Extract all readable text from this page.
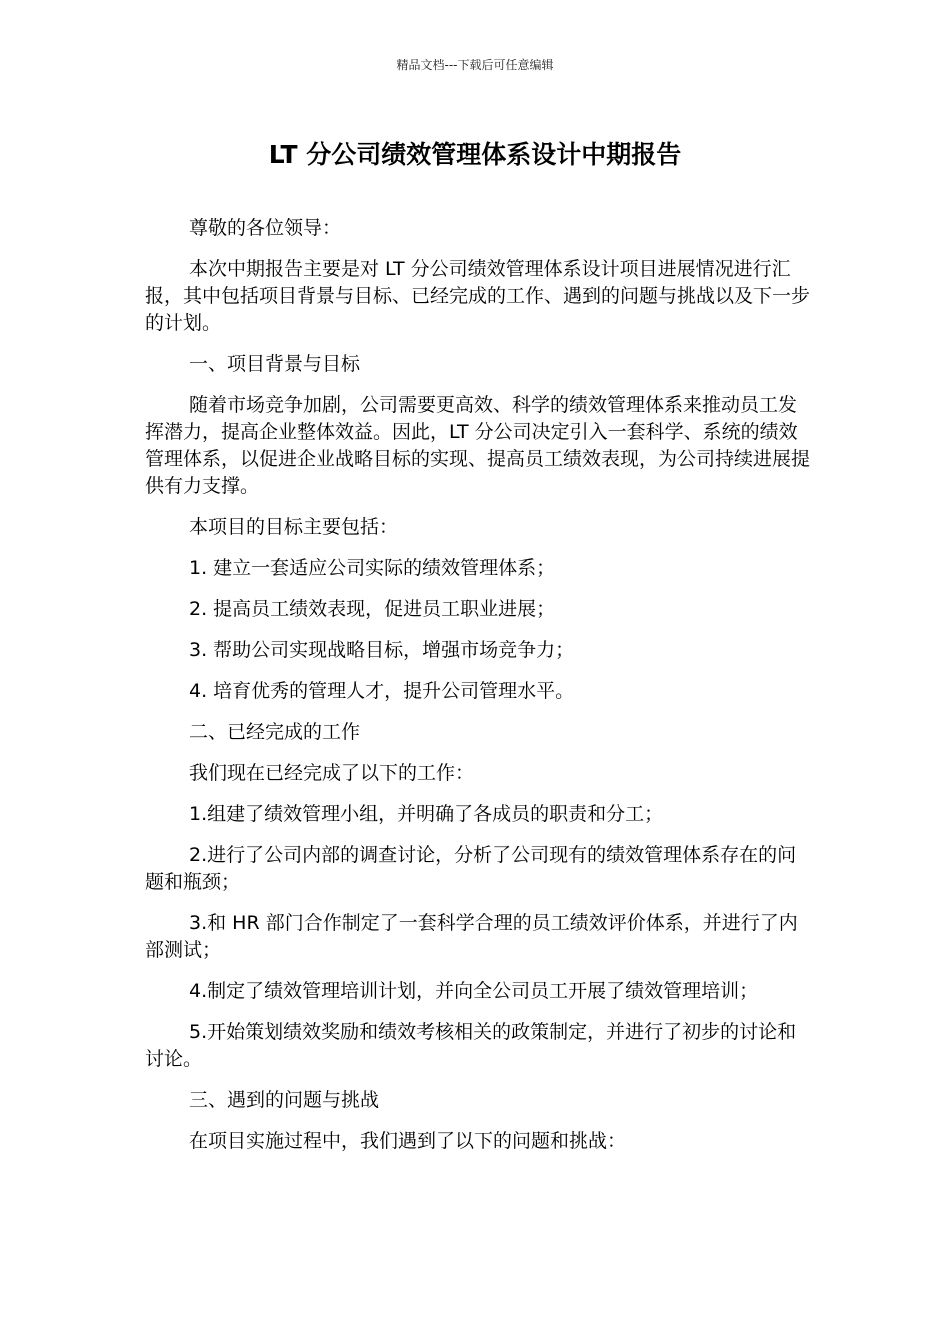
精品文档---下载后可任意编辑
LT 分公司绩效管理体系设计中期报告

尊敬的各位领导：

本次中期报告主要是对 LT 分公司绩效管理体系设计项目进展情况进行汇报，其中包括项目背景与目标、已经完成的工作、遇到的问题与挑战以及下一步的计划。

一、项目背景与目标

随着市场竞争加剧，公司需要更高效、科学的绩效管理体系来推动员工发挥潜力，提高企业整体效益。因此，LT 分公司决定引入一套科学、系统的绩效管理体系，以促进企业战略目标的实现、提高员工绩效表现，为公司持续进展提供有力支撑。

本项目的目标主要包括：

1. 建立一套适应公司实际的绩效管理体系；

2. 提高员工绩效表现，促进员工职业进展；

3. 帮助公司实现战略目标，增强市场竞争力；

4. 培育优秀的管理人才，提升公司管理水平。

二、已经完成的工作

我们现在已经完成了以下的工作：

1.组建了绩效管理小组，并明确了各成员的职责和分工；

2.进行了公司内部的调查讨论，分析了公司现有的绩效管理体系存在的问题和瓶颈；

3.和 HR 部门合作制定了一套科学合理的员工绩效评价体系，并进行了内部测试；

4.制定了绩效管理培训计划，并向全公司员工开展了绩效管理培训；

5.开始策划绩效奖励和绩效考核相关的政策制定，并进行了初步的讨论和讨论。

三、遇到的问题与挑战

在项目实施过程中，我们遇到了以下的问题和挑战：
